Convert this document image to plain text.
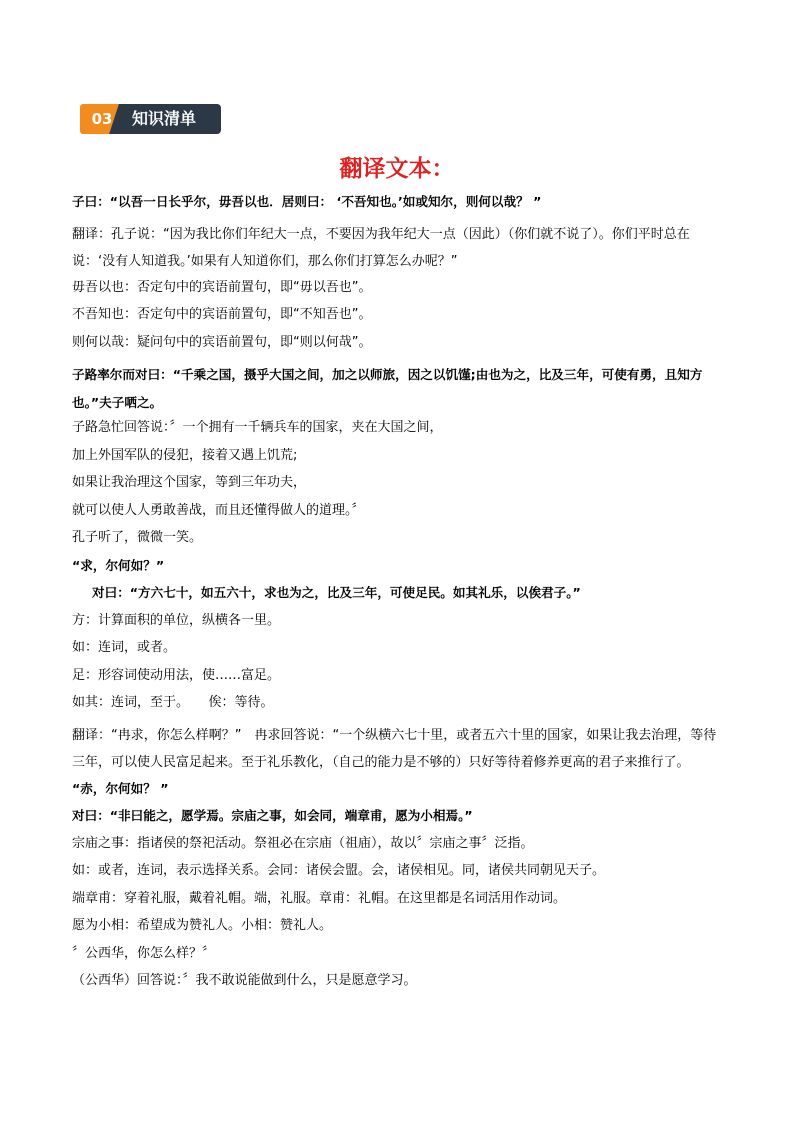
03	知识清单
翻译文本：
子曰：“以吾一日长乎尔，毋吾以也．居则曰： ‘不吾知也。’如或知尔，则何以哉？ ”
翻译：孔子说：“因为我比你们年纪大一点，不要因为我年纪大一点（因此）（你们就不说了）。你们平时总在说：‘没有人知道我。’如果有人知道你们，那么你们打算怎么办呢？”
毋吾以也：否定句中的宾语前置句，即“毋以吾也”。
不吾知也：否定句中的宾语前置句，即“不知吾也”。
则何以哉：疑问句中的宾语前置句，即“则以何哉”。
子路率尔而对曰：“千乘之国，摄乎大国之间，加之以师旅，因之以饥馑;由也为之，比及三年，可使有勇，且知方也。”夫子哂之。
子路急忙回答说：〞一个拥有一千辆兵车的国家，夹在大国之间，
加上外国军队的侵犯，接着又遇上饥荒;
如果让我治理这个国家，等到三年功夫，
就可以使人人勇敢善战，而且还懂得做人的道理。〞
孔子听了，微微一笑。
“求，尔何如？”
对曰：“方六七十，如五六十，求也为之，比及三年，可使足民。如其礼乐，以俟君子。”
方：计算面积的单位，纵横各一里。
如：连词，或者。
足：形容词使动用法，使……富足。
如其：连词，至于。　　俟：等待。
翻译：“冉求，你怎么样啊？”　冉求回答说：“一个纵横六七十里，或者五六十里的国家，如果让我去治理，等待三年，可以使人民富足起来。至于礼乐教化，（自己的能力是不够的）只好等待着修养更高的君子来推行了。
“赤，尔何如？ ”
对曰：“非曰能之，愿学焉。宗庙之事，如会同，端章甫，愿为小相焉。”
宗庙之事：指诸侯的祭祀活动。祭祖必在宗庙（祖庙），故以〞宗庙之事〞泛指。
如：或者，连词，表示选择关系。会同：诸侯会盟。会，诸侯相见。同，诸侯共同朝见天子。
端章甫：穿着礼服，戴着礼帽。端，礼服。章甫：礼帽。在这里都是名词活用作动词。
愿为小相：希望成为赞礼人。小相：赞礼人。
〞公西华，你怎么样？〞
（公西华）回答说：〞我不敢说能做到什么，只是愿意学习。
